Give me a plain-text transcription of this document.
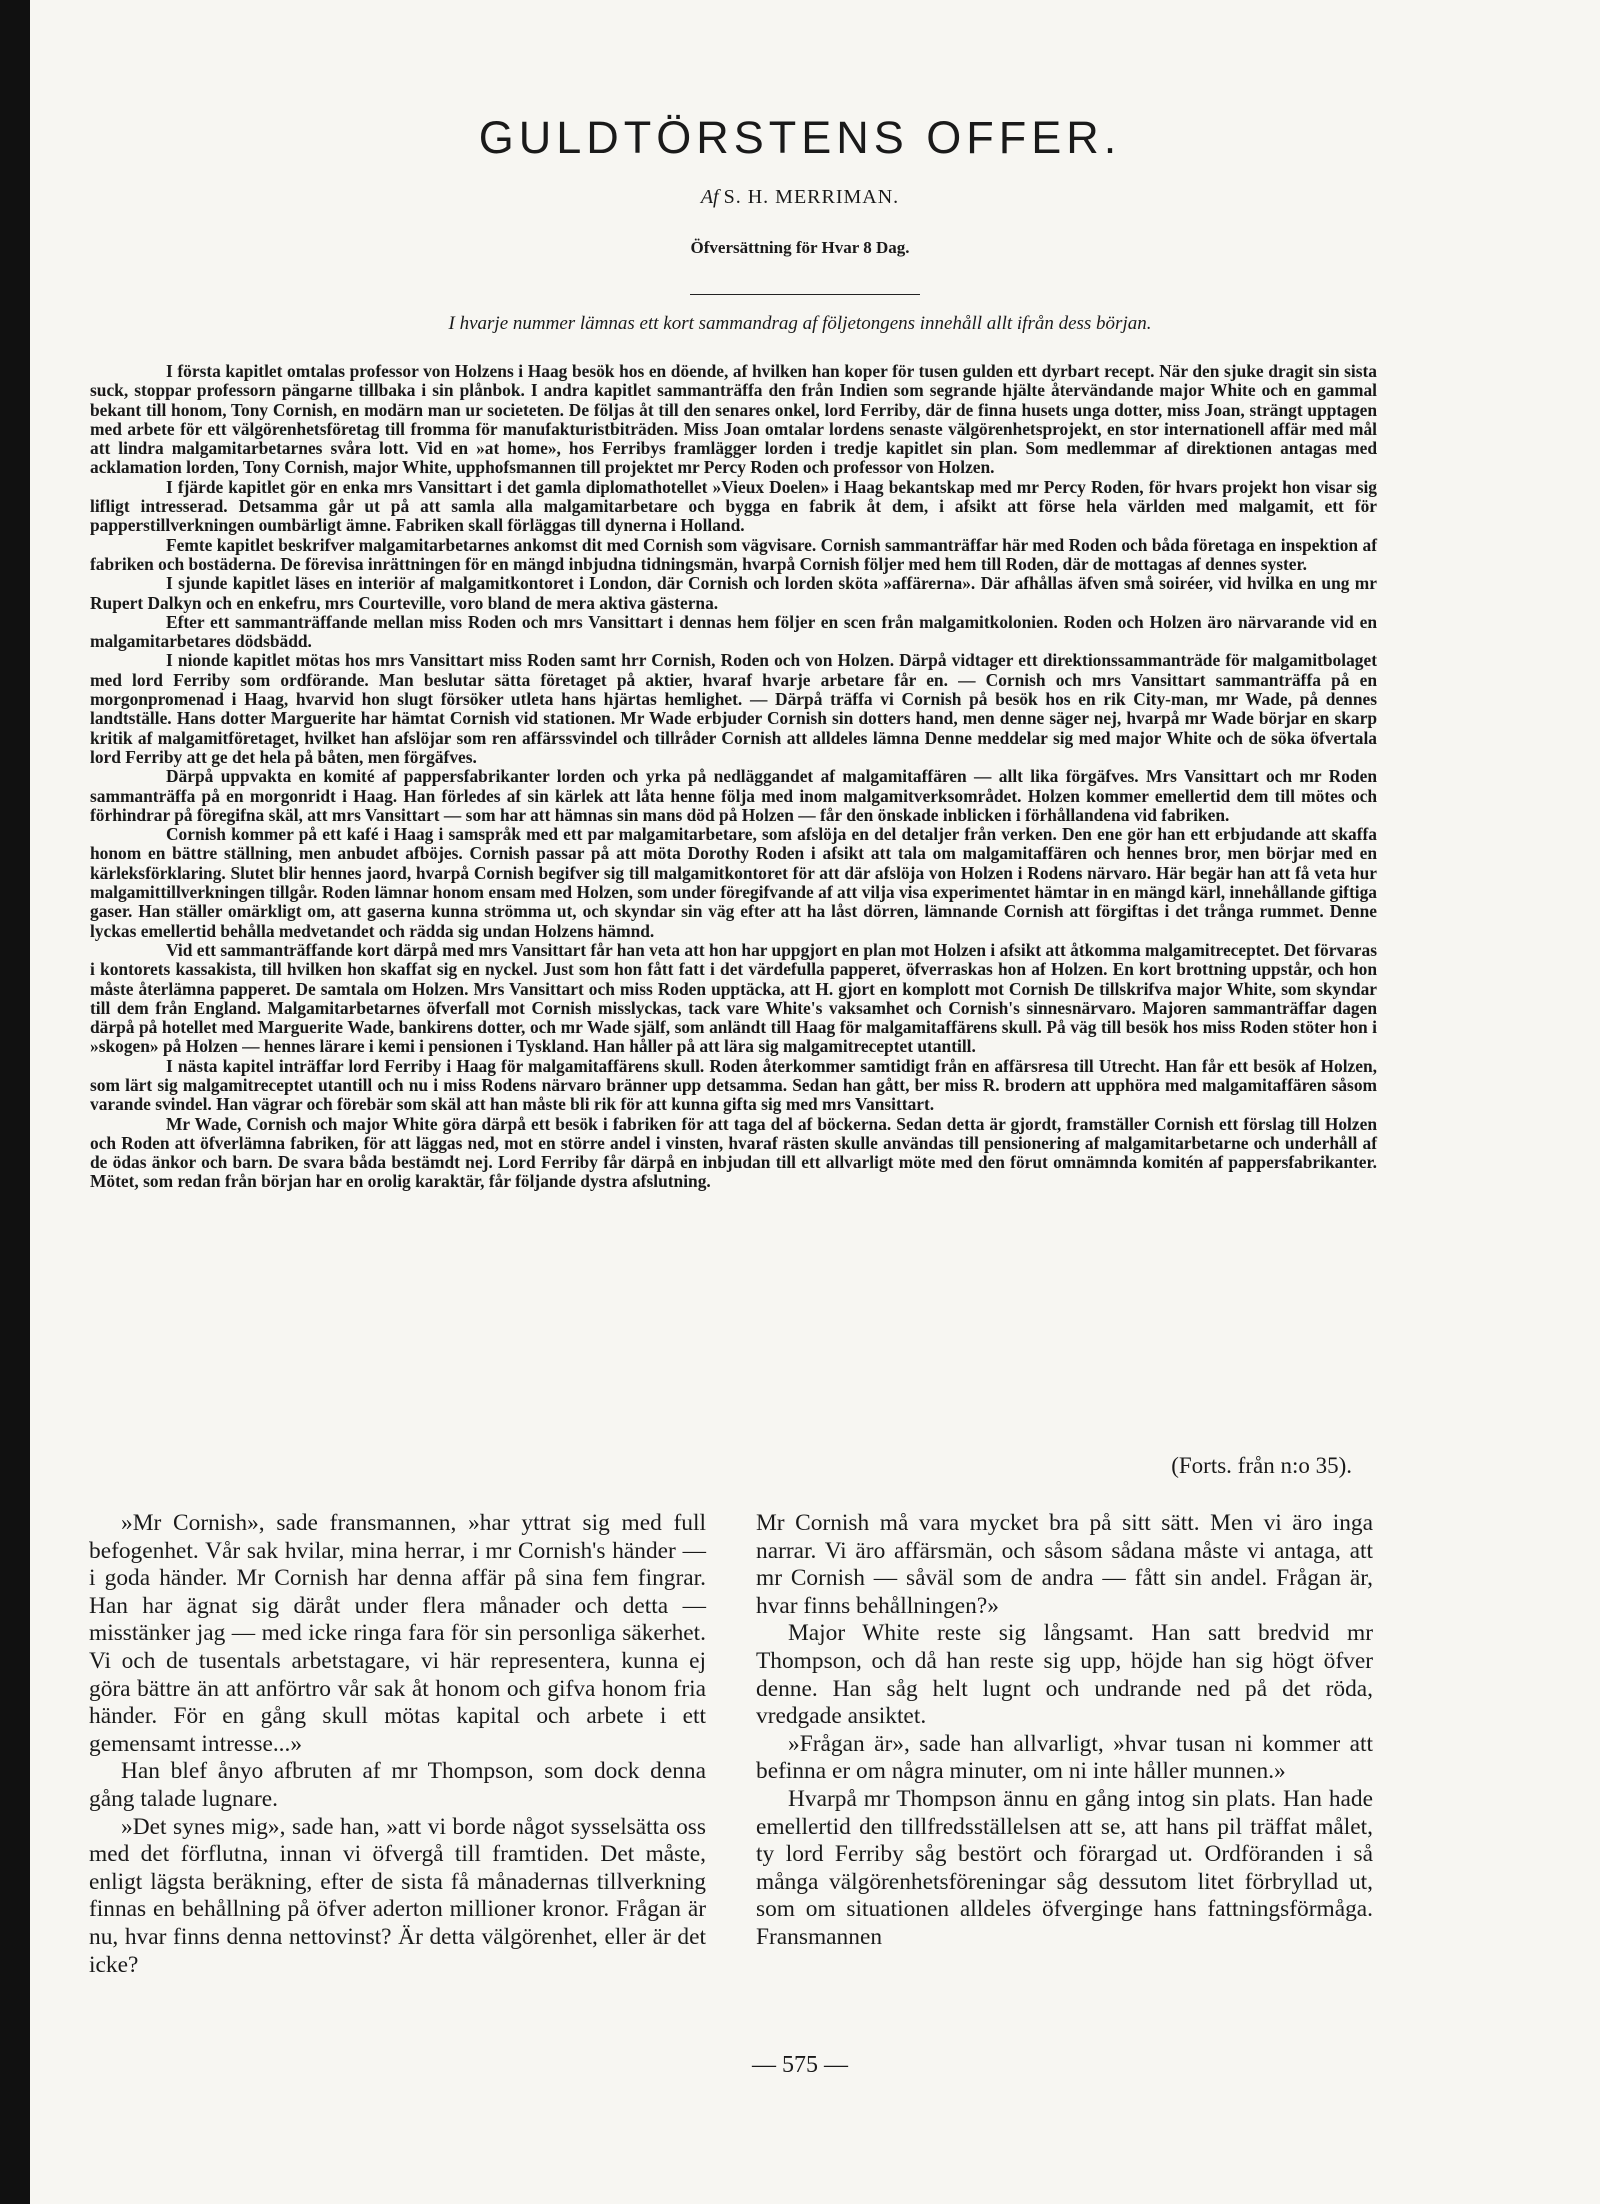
GULDTÖRSTENS OFFER.
Af S. H. MERRIMAN.
Öfversättning för Hvar 8 Dag.
I hvarje nummer lämnas ett kort sammandrag af följetongens innehåll allt ifrån dess början.

I första kapitlet omtalas professor von Holzens i Haag besök hos en döende, af hvilken han koper för tusen gulden ett dyrbart recept. När den sjuke dragit sin sista suck, stoppar professorn pängarne tillbaka i sin plånbok. I andra kapitlet sammanträffa den från Indien som segrande hjälte återvändande major White och en gammal bekant till honom, Tony Cornish, en modärn man ur societeten. De följas åt till den senares onkel, lord Ferriby, där de finna husets unga dotter, miss Joan, strängt upptagen med arbete för ett välgörenhetsföretag till fromma för manufakturistbiträden. Miss Joan omtalar lordens senaste välgörenhetsprojekt, en stor internationell affär med mål att lindra malgamitarbetarnes svåra lott. Vid en »at home», hos Ferribys framlägger lorden i tredje kapitlet sin plan. Som medlemmar af direktionen antagas med acklamation lorden, Tony Cornish, major White, upphofsmannen till projektet mr Percy Roden och professor von Holzen.

I fjärde kapitlet gör en enka mrs Vansittart i det gamla diplomathotellet »Vieux Doelen» i Haag bekantskap med mr Percy Roden, för hvars projekt hon visar sig lifligt intresserad. Detsamma går ut på att samla alla malgamitarbetare och bygga en fabrik åt dem, i afsikt att förse hela världen med malgamit, ett för papperstillverkningen oumbärligt ämne. Fabriken skall förläggas till dynerna i Holland.

Femte kapitlet beskrifver malgamitarbetarnes ankomst dit med Cornish som vägvisare. Cornish sammanträffar här med Roden och båda företaga en inspektion af fabriken och bostäderna. De förevisa inrättningen för en mängd inbjudna tidningsmän, hvarpå Cornish följer med hem till Roden, där de mottagas af dennes syster.

I sjunde kapitlet läses en interiör af malgamitkontoret i London, där Cornish och lorden sköta »affärerna». Där afhållas äfven små soiréer, vid hvilka en ung mr Rupert Dalkyn och en enkefru, mrs Courteville, voro bland de mera aktiva gästerna.

Efter ett sammanträffande mellan miss Roden och mrs Vansittart i dennas hem följer en scen från malgamitkolonien. Roden och Holzen äro närvarande vid en malgamitarbetares dödsbädd.

I nionde kapitlet mötas hos mrs Vansittart miss Roden samt hrr Cornish, Roden och von Holzen. Därpå vidtager ett direktionssammanträde för malgamitbolaget med lord Ferriby som ordförande. Man beslutar sätta företaget på aktier, hvaraf hvarje arbetare får en. — Cornish och mrs Vansittart sammanträffa på en morgonpromenad i Haag, hvarvid hon slugt försöker utleta hans hjärtas hemlighet. — Därpå träffa vi Cornish på besök hos en rik City-man, mr Wade, på dennes landtställe. Hans dotter Marguerite har hämtat Cornish vid stationen. Mr Wade erbjuder Cornish sin dotters hand, men denne säger nej, hvarpå mr Wade börjar en skarp kritik af malgamitföretaget, hvilket han afslöjar som ren affärssvindel och tillråder Cornish att alldeles lämna Denne meddelar sig med major White och de söka öfvertala lord Ferriby att ge det hela på båten, men förgäfves.

Därpå uppvakta en komité af pappersfabrikanter lorden och yrka på nedläggandet af malgamitaffären — allt lika förgäfves. Mrs Vansittart och mr Roden sammanträffa på en morgonridt i Haag. Han förledes af sin kärlek att låta henne följa med inom malgamitverksområdet. Holzen kommer emellertid dem till mötes och förhindrar på föregifna skäl, att mrs Vansittart — som har att hämnas sin mans död på Holzen — får den önskade inblicken i förhållandena vid fabriken.

Cornish kommer på ett kafé i Haag i samspråk med ett par malgamitarbetare, som afslöja en del detaljer från verken. Den ene gör han ett erbjudande att skaffa honom en bättre ställning, men anbudet afböjes. Cornish passar på att möta Dorothy Roden i afsikt att tala om malgamitaffären och hennes bror, men börjar med en kärleksförklaring. Slutet blir hennes jaord, hvarpå Cornish begifver sig till malgamitkontoret för att där afslöja von Holzen i Rodens närvaro. Här begär han att få veta hur malgamittillverkningen tillgår. Roden lämnar honom ensam med Holzen, som under föregifvande af att vilja visa experimentet hämtar in en mängd kärl, innehållande giftiga gaser. Han ställer omärkligt om, att gaserna kunna strömma ut, och skyndar sin väg efter att ha låst dörren, lämnande Cornish att förgiftas i det trånga rummet. Denne lyckas emellertid behålla medvetandet och rädda sig undan Holzens hämnd.

Vid ett sammanträffande kort därpå med mrs Vansittart får han veta att hon har uppgjort en plan mot Holzen i afsikt att åtkomma malgamitreceptet. Det förvaras i kontorets kassakista, till hvilken hon skaffat sig en nyckel. Just som hon fått fatt i det värdefulla papperet, öfverraskas hon af Holzen. En kort brottning uppstår, och hon måste återlämna papperet. De samtala om Holzen. Mrs Vansittart och miss Roden upptäcka, att H. gjort en komplott mot Cornish De tillskrifva major White, som skyndar till dem från England. Malgamitarbetarnes öfverfall mot Cornish misslyckas, tack vare White's vaksamhet och Cornish's sinnesnärvaro. Majoren sammanträffar dagen därpå på hotellet med Marguerite Wade, bankirens dotter, och mr Wade själf, som anländt till Haag för malgamitaffärens skull. På väg till besök hos miss Roden stöter hon i »skogen» på Holzen — hennes lärare i kemi i pensionen i Tyskland. Han håller på att lära sig malgamitreceptet utantill.

I nästa kapitel inträffar lord Ferriby i Haag för malgamitaffärens skull. Roden återkommer samtidigt från en affärsresa till Utrecht. Han får ett besök af Holzen, som lärt sig malgamitreceptet utantill och nu i miss Rodens närvaro bränner upp detsamma. Sedan han gått, ber miss R. brodern att upphöra med malgamitaffären såsom varande svindel. Han vägrar och förebär som skäl att han måste bli rik för att kunna gifta sig med mrs Vansittart.

Mr Wade, Cornish och major White göra därpå ett besök i fabriken för att taga del af böckerna. Sedan detta är gjordt, framställer Cornish ett förslag till Holzen och Roden att öfverlämna fabriken, för att läggas ned, mot en större andel i vinsten, hvaraf rästen skulle användas till pensionering af malgamitarbetarne och underhåll af de ödas änkor och barn. De svara båda bestämdt nej. Lord Ferriby får därpå en inbjudan till ett allvarligt möte med den förut omnämnda komitén af pappersfabrikanter. Mötet, som redan från början har en orolig karaktär, får följande dystra afslutning.

(Forts. från n:o 35).

»Mr Cornish», sade fransmannen, »har yttrat sig med full befogenhet. Vår sak hvilar, mina herrar, i mr Cornish's händer — i goda händer. Mr Cornish har denna affär på sina fem fingrar. Han har ägnat sig däråt under flera månader och detta — misstänker jag — med icke ringa fara för sin personliga säkerhet. Vi och de tusentals arbetstagare, vi här representera, kunna ej göra bättre än att anförtro vår sak åt honom och gifva honom fria händer. För en gång skull mötas kapital och arbete i ett gemensamt intresse...»

Han blef ånyo afbruten af mr Thompson, som dock denna gång talade lugnare.

»Det synes mig», sade han, »att vi borde något sysselsätta oss med det förflutna, innan vi öfvergå till framtiden. Det måste, enligt lägsta beräkning, efter de sista få månadernas tillverkning finnas en behållning på öfver aderton millioner kronor. Frågan är nu, hvar finns denna nettovinst? Är detta välgörenhet, eller är det icke?

Mr Cornish må vara mycket bra på sitt sätt. Men vi äro inga narrar. Vi äro affärsmän, och såsom sådana måste vi antaga, att mr Cornish — såväl som de andra — fått sin andel. Frågan är, hvar finns behållningen?»

Major White reste sig långsamt. Han satt bredvid mr Thompson, och då han reste sig upp, höjde han sig högt öfver denne. Han såg helt lugnt och undrande ned på det röda, vredgade ansiktet.

»Frågan är», sade han allvarligt, »hvar tusan ni kommer att befinna er om några minuter, om ni inte håller munnen.»

Hvarpå mr Thompson ännu en gång intog sin plats. Han hade emellertid den tillfredsställelsen att se, att hans pil träffat målet, ty lord Ferriby såg bestört och förargad ut. Ordföranden i så många välgörenhetsföreningar såg dessutom litet förbryllad ut, som om situationen alldeles öfverginge hans fattningsförmåga. Fransmannen

— 575 —
